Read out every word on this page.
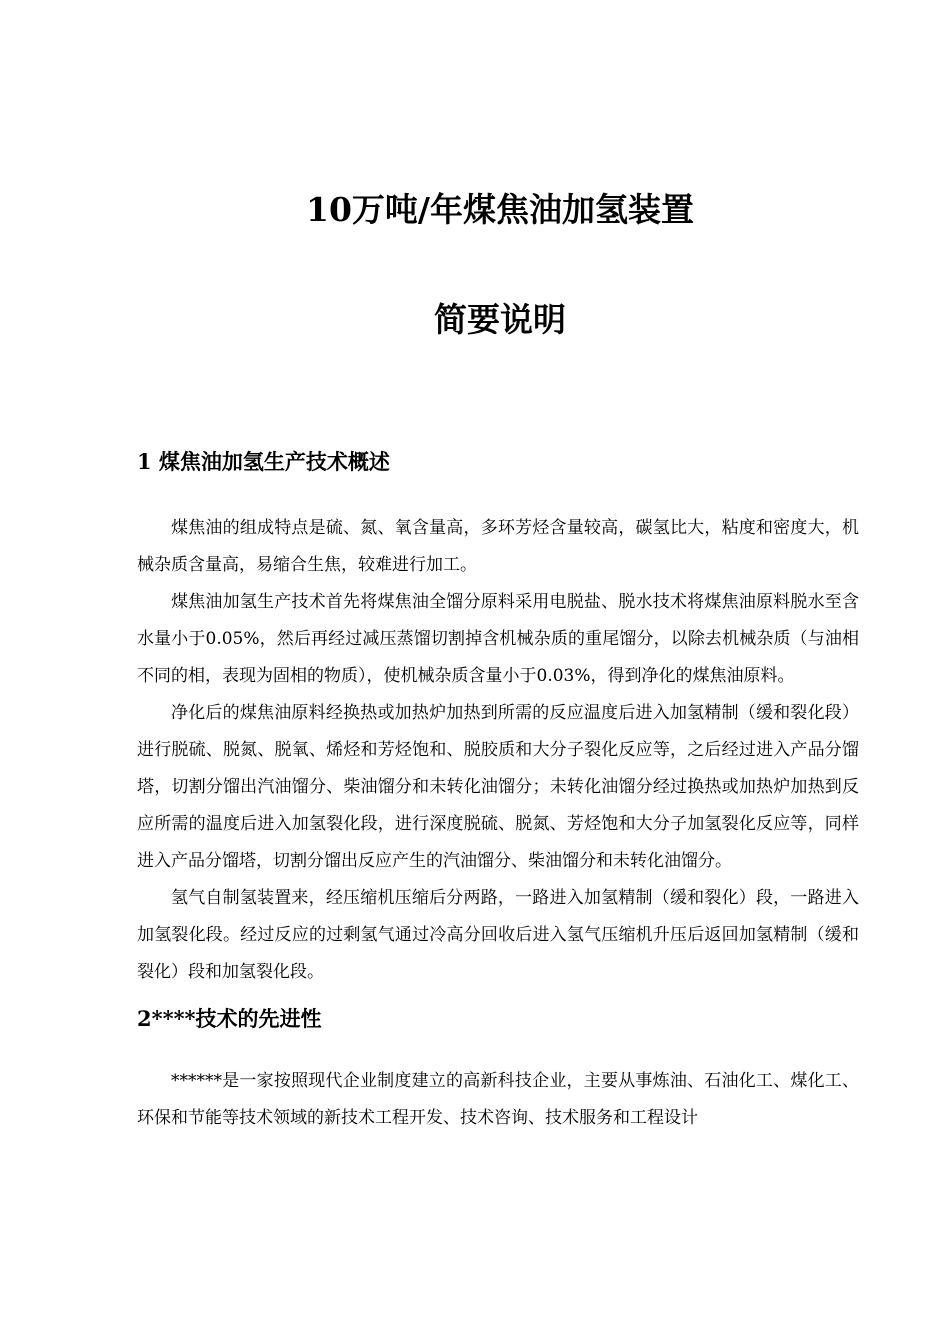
10万吨/年煤焦油加氢装置
简要说明
1 煤焦油加氢生产技术概述

煤焦油的组成特点是硫、氮、氧含量高，多环芳烃含量较高，碳氢比大，粘度和密度大，机械杂质含量高，易缩合生焦，较难进行加工。

煤焦油加氢生产技术首先将煤焦油全馏分原料采用电脱盐、脱水技术将煤焦油原料脱水至含水量小于0.05%，然后再经过减压蒸馏切割掉含机械杂质的重尾馏分，以除去机械杂质（与油相不同的相，表现为固相的物质），使机械杂质含量小于0.03%，得到净化的煤焦油原料。

净化后的煤焦油原料经换热或加热炉加热到所需的反应温度后进入加氢精制（缓和裂化段）进行脱硫、脱氮、脱氧、烯烃和芳烃饱和、脱胶质和大分子裂化反应等，之后经过进入产品分馏塔，切割分馏出汽油馏分、柴油馏分和未转化油馏分；未转化油馏分经过换热或加热炉加热到反应所需的温度后进入加氢裂化段，进行深度脱硫、脱氮、芳烃饱和大分子加氢裂化反应等，同样进入产品分馏塔，切割分馏出反应产生的汽油馏分、柴油馏分和未转化油馏分。

氢气自制氢装置来，经压缩机压缩后分两路，一路进入加氢精制（缓和裂化）段，一路进入加氢裂化段。经过反应的过剩氢气通过冷高分回收后进入氢气压缩机升压后返回加氢精制（缓和裂化）段和加氢裂化段。

2****技术的先进性

******是一家按照现代企业制度建立的高新科技企业，主要从事炼油、石油化工、煤化工、环保和节能等技术领域的新技术工程开发、技术咨询、技术服务和工程设计
